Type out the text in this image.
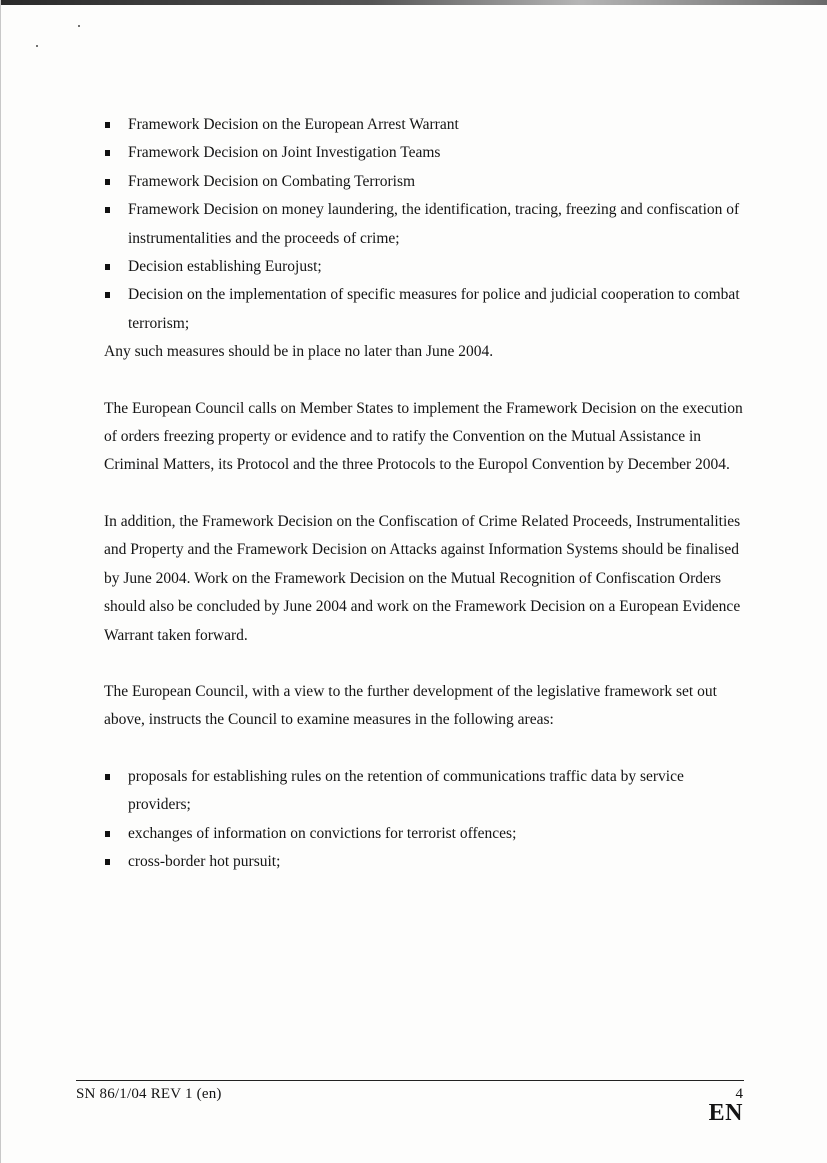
Framework Decision on the European Arrest Warrant
Framework Decision on Joint Investigation Teams
Framework Decision on Combating Terrorism
Framework Decision on money laundering, the identification, tracing, freezing and confiscation of instrumentalities and the proceeds of crime;
Decision establishing Eurojust;
Decision on the implementation of specific measures for police and judicial cooperation to combat terrorism;

Any such measures should be in place no later than June 2004.

The European Council calls on Member States to implement the Framework Decision on the execution of orders freezing property or evidence and to ratify the Convention on the Mutual Assistance in Criminal Matters, its Protocol and the three Protocols to the Europol Convention by December 2004.

In addition, the Framework Decision on the Confiscation of Crime Related Proceeds, Instrumentalities and Property and the Framework Decision on Attacks against Information Systems should be finalised by June 2004. Work on the Framework Decision on the Mutual Recognition of Confiscation Orders should also be concluded by June 2004 and work on the Framework Decision on a European Evidence Warrant taken forward.

The European Council, with a view to the further development of the legislative framework set out above, instructs the Council to examine measures in the following areas:

proposals for establishing rules on the retention of communications traffic data by service providers;
exchanges of information on convictions for terrorist offences;
cross-border hot pursuit;
SN 86/1/04 REV 1 (en)	4
EN
